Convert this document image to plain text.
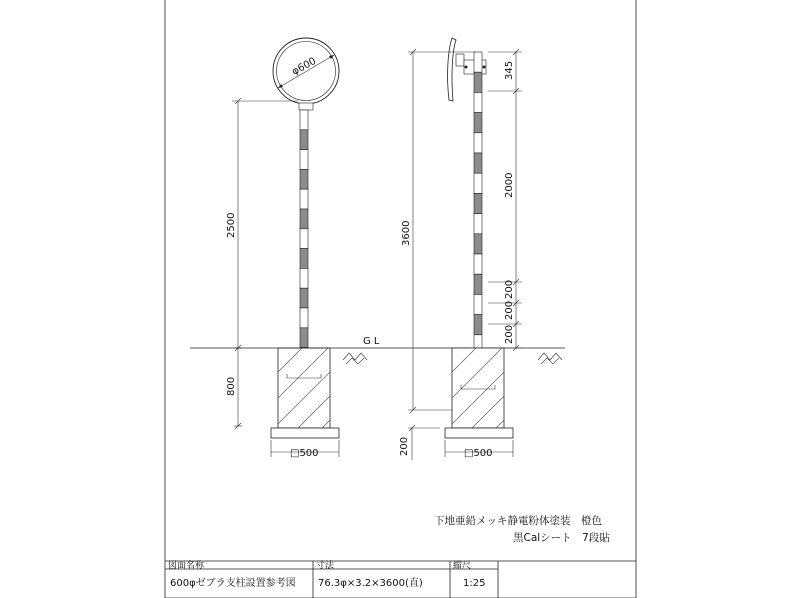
φ600
2500
800
□500
G L
3600
200
345
2000
200
200
200
□500
下地亜鉛メッキ静電粉体塗装　橙色
黒Calシート　7段貼
図面名称
600φゼブラ支柱設置参考図
寸法
76.3φ×3.2×3600(直)
縮尺
1:25
